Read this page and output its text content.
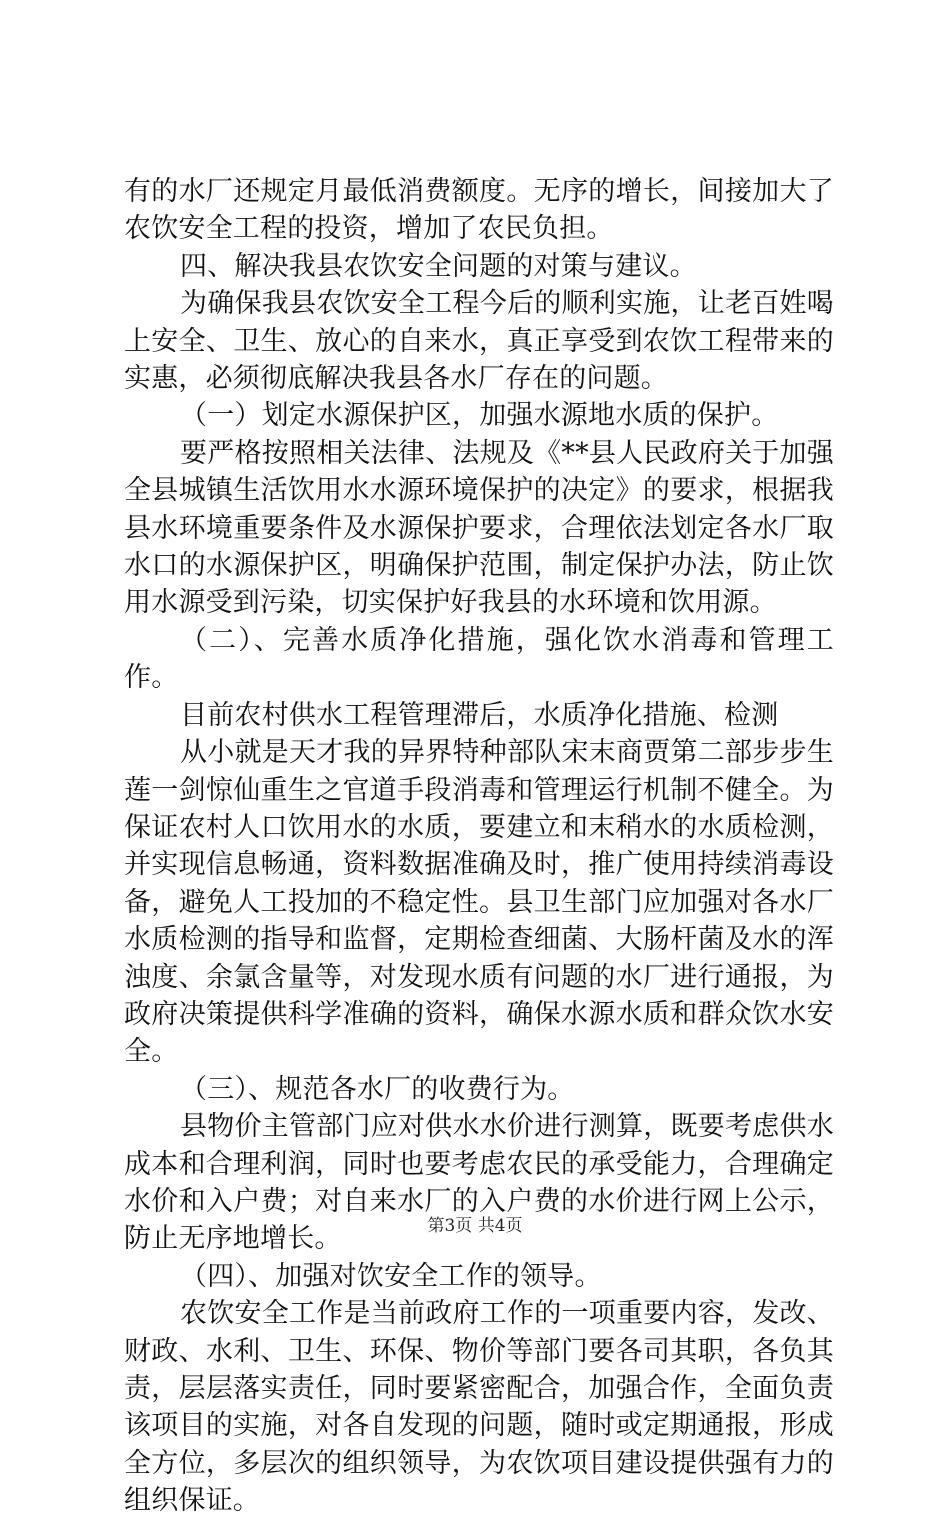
有的水厂还规定月最低消费额度。无序的增长，间接加大了农饮安全工程的投资，增加了农民负担。

四、解决我县农饮安全问题的对策与建议。

为确保我县农饮安全工程今后的顺利实施，让老百姓喝上安全、卫生、放心的自来水，真正享受到农饮工程带来的实惠，必须彻底解决我县各水厂存在的问题。

（一）划定水源保护区，加强水源地水质的保护。

要严格按照相关法律、法规及《**县人民政府关于加强全县城镇生活饮用水水源环境保护的决定》的要求，根据我县水环境重要条件及水源保护要求，合理依法划定各水厂取水口的水源保护区，明确保护范围，制定保护办法，防止饮用水源受到污染，切实保护好我县的水环境和饮用源。

（二）、完善水质净化措施，强化饮水消毒和管理工作。

目前农村供水工程管理滞后，水质净化措施、检测

从小就是天才我的异界特种部队宋末商贾第二部步步生莲一剑惊仙重生之官道手段消毒和管理运行机制不健全。为保证农村人口饮用水的水质，要建立和末稍水的水质检测，并实现信息畅通，资料数据准确及时，推广使用持续消毒设备，避免人工投加的不稳定性。县卫生部门应加强对各水厂水质检测的指导和监督，定期检查细菌、大肠杆菌及水的浑浊度、余氯含量等，对发现水质有问题的水厂进行通报，为政府决策提供科学准确的资料，确保水源水质和群众饮水安全。

（三）、规范各水厂的收费行为。

县物价主管部门应对供水水价进行测算，既要考虑供水成本和合理利润，同时也要考虑农民的承受能力，合理确定水价和入户费；对自来水厂的入户费的水价进行网上公示，防止无序地增长。

（四）、加强对饮安全工作的领导。

农饮安全工作是当前政府工作的一项重要内容，发改、财政、水利、卫生、环保、物价等部门要各司其职，各负其责，层层落实责任，同时要紧密配合，加强合作，全面负责该项目的实施，对各自发现的问题，随时或定期通报，形成全方位，多层次的组织领导，为农饮项目建设提供强有力的组织保证。

第3页 共4页
